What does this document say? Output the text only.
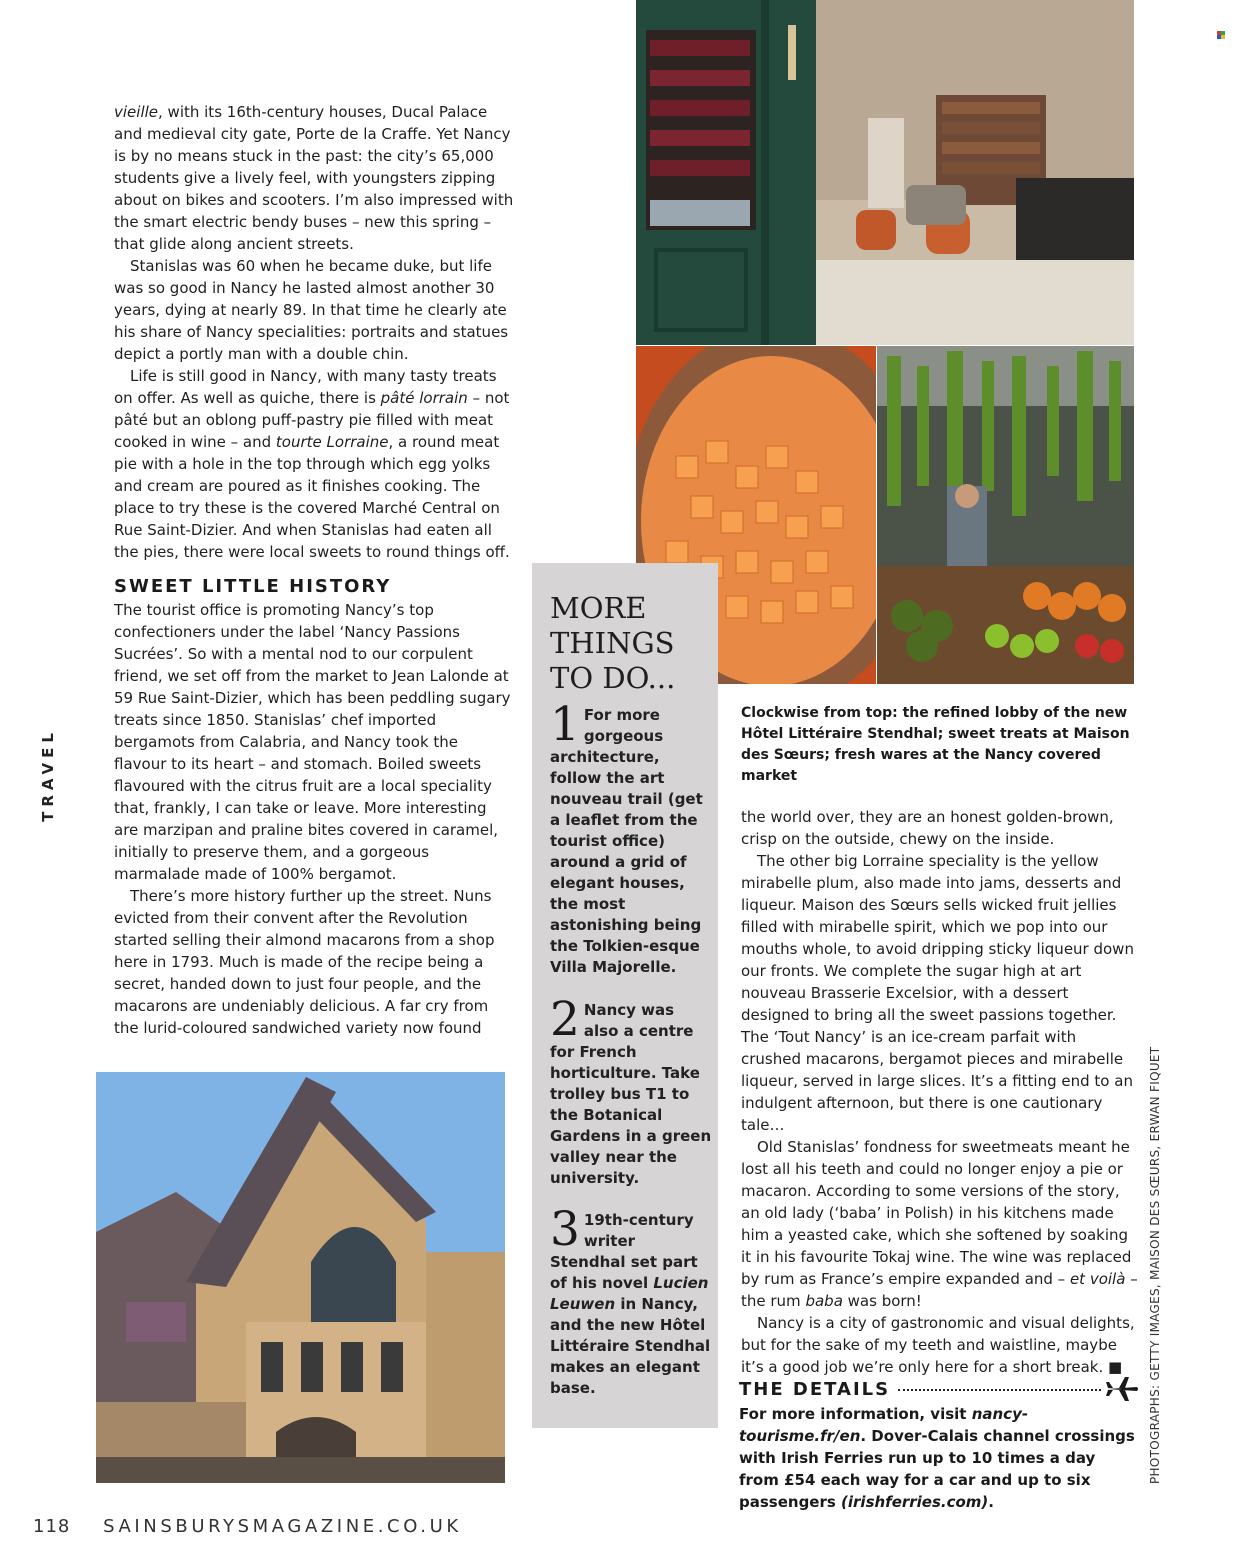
TRAVEL

vieille, with its 16th-century houses, Ducal Palace and medieval city gate, Porte de la Craffe. Yet Nancy is by no means stuck in the past: the city’s 65,000 students give a lively feel, with youngsters zipping about on bikes and scooters. I’m also impressed with the smart electric bendy buses – new this spring – that glide along ancient streets.

Stanislas was 60 when he became duke, but life was so good in Nancy he lasted almost another 30 years, dying at nearly 89. In that time he clearly ate his share of Nancy specialities: portraits and statues depict a portly man with a double chin.

Life is still good in Nancy, with many tasty treats on offer. As well as quiche, there is pâté lorrain – not pâté but an oblong puff-pastry pie filled with meat cooked in wine – and tourte Lorraine, a round meat pie with a hole in the top through which egg yolks and cream are poured as it finishes cooking. The place to try these is the covered Marché Central on Rue Saint-Dizier. And when Stanislas had eaten all the pies, there were local sweets to round things off.

SWEET LITTLE HISTORY

The tourist office is promoting Nancy’s top confectioners under the label ‘Nancy Passions Sucrées’. So with a mental nod to our corpulent friend, we set off from the market to Jean Lalonde at 59 Rue Saint-Dizier, which has been peddling sugary treats since 1850. Stanislas’ chef imported bergamots from Calabria, and Nancy took the flavour to its heart – and stomach. Boiled sweets flavoured with the citrus fruit are a local speciality that, frankly, I can take or leave. More interesting are marzipan and praline bites covered in caramel, initially to preserve them, and a gorgeous marmalade made of 100% bergamot.

There’s more history further up the street. Nuns evicted from their convent after the Revolution started selling their almond macarons from a shop here in 1793. Much is made of the recipe being a secret, handed down to just four people, and the macarons are undeniably delicious. A far cry from the lurid-coloured sandwiched variety now found

MORE THINGS TO DO...
1 For more gorgeous architecture, follow the art nouveau trail (get a leaflet from the tourist office) around a grid of elegant houses, the most astonishing being the Tolkien-esque Villa Majorelle.
2 Nancy was also a centre for French horticulture. Take trolley bus T1 to the Botanical Gardens in a green valley near the university.
3 19th-century writer Stendhal set part of his novel Lucien Leuwen in Nancy, and the new Hôtel Littéraire Stendhal makes an elegant base.
Clockwise from top: the refined lobby of the new Hôtel Littéraire Stendhal; sweet treats at Maison des Sœurs; fresh wares at the Nancy covered market

the world over, they are an honest golden-brown, crisp on the outside, chewy on the inside.

The other big Lorraine speciality is the yellow mirabelle plum, also made into jams, desserts and liqueur. Maison des Sœurs sells wicked fruit jellies filled with mirabelle spirit, which we pop into our mouths whole, to avoid dripping sticky liqueur down our fronts. We complete the sugar high at art nouveau Brasserie Excelsior, with a dessert designed to bring all the sweet passions together. The ‘Tout Nancy’ is an ice-cream parfait with crushed macarons, bergamot pieces and mirabelle liqueur, served in large slices. It’s a fitting end to an indulgent afternoon, but there is one cautionary tale…

Old Stanislas’ fondness for sweetmeats meant he lost all his teeth and could no longer enjoy a pie or macaron. According to some versions of the story, an old lady (‘baba’ in Polish) in his kitchens made him a yeasted cake, which she softened by soaking it in his favourite Tokaj wine. The wine was replaced by rum as France’s empire expanded and – et voilà – the rum baba was born!

Nancy is a city of gastronomic and visual delights, but for the sake of my teeth and waistline, maybe it’s a good job we’re only here for a short break. ■

THE DETAILS
For more information, visit nancy-tourisme.fr/en. Dover-Calais channel crossings with Irish Ferries run up to 10 times a day from £54 each way for a car and up to six passengers (irishferries.com).
PHOTOGRAPHS: GETTY IMAGES, MAISON DES SŒURS, ERWAN FIQUET
118 SAINSBURYSMAGAZINE.CO.UK
